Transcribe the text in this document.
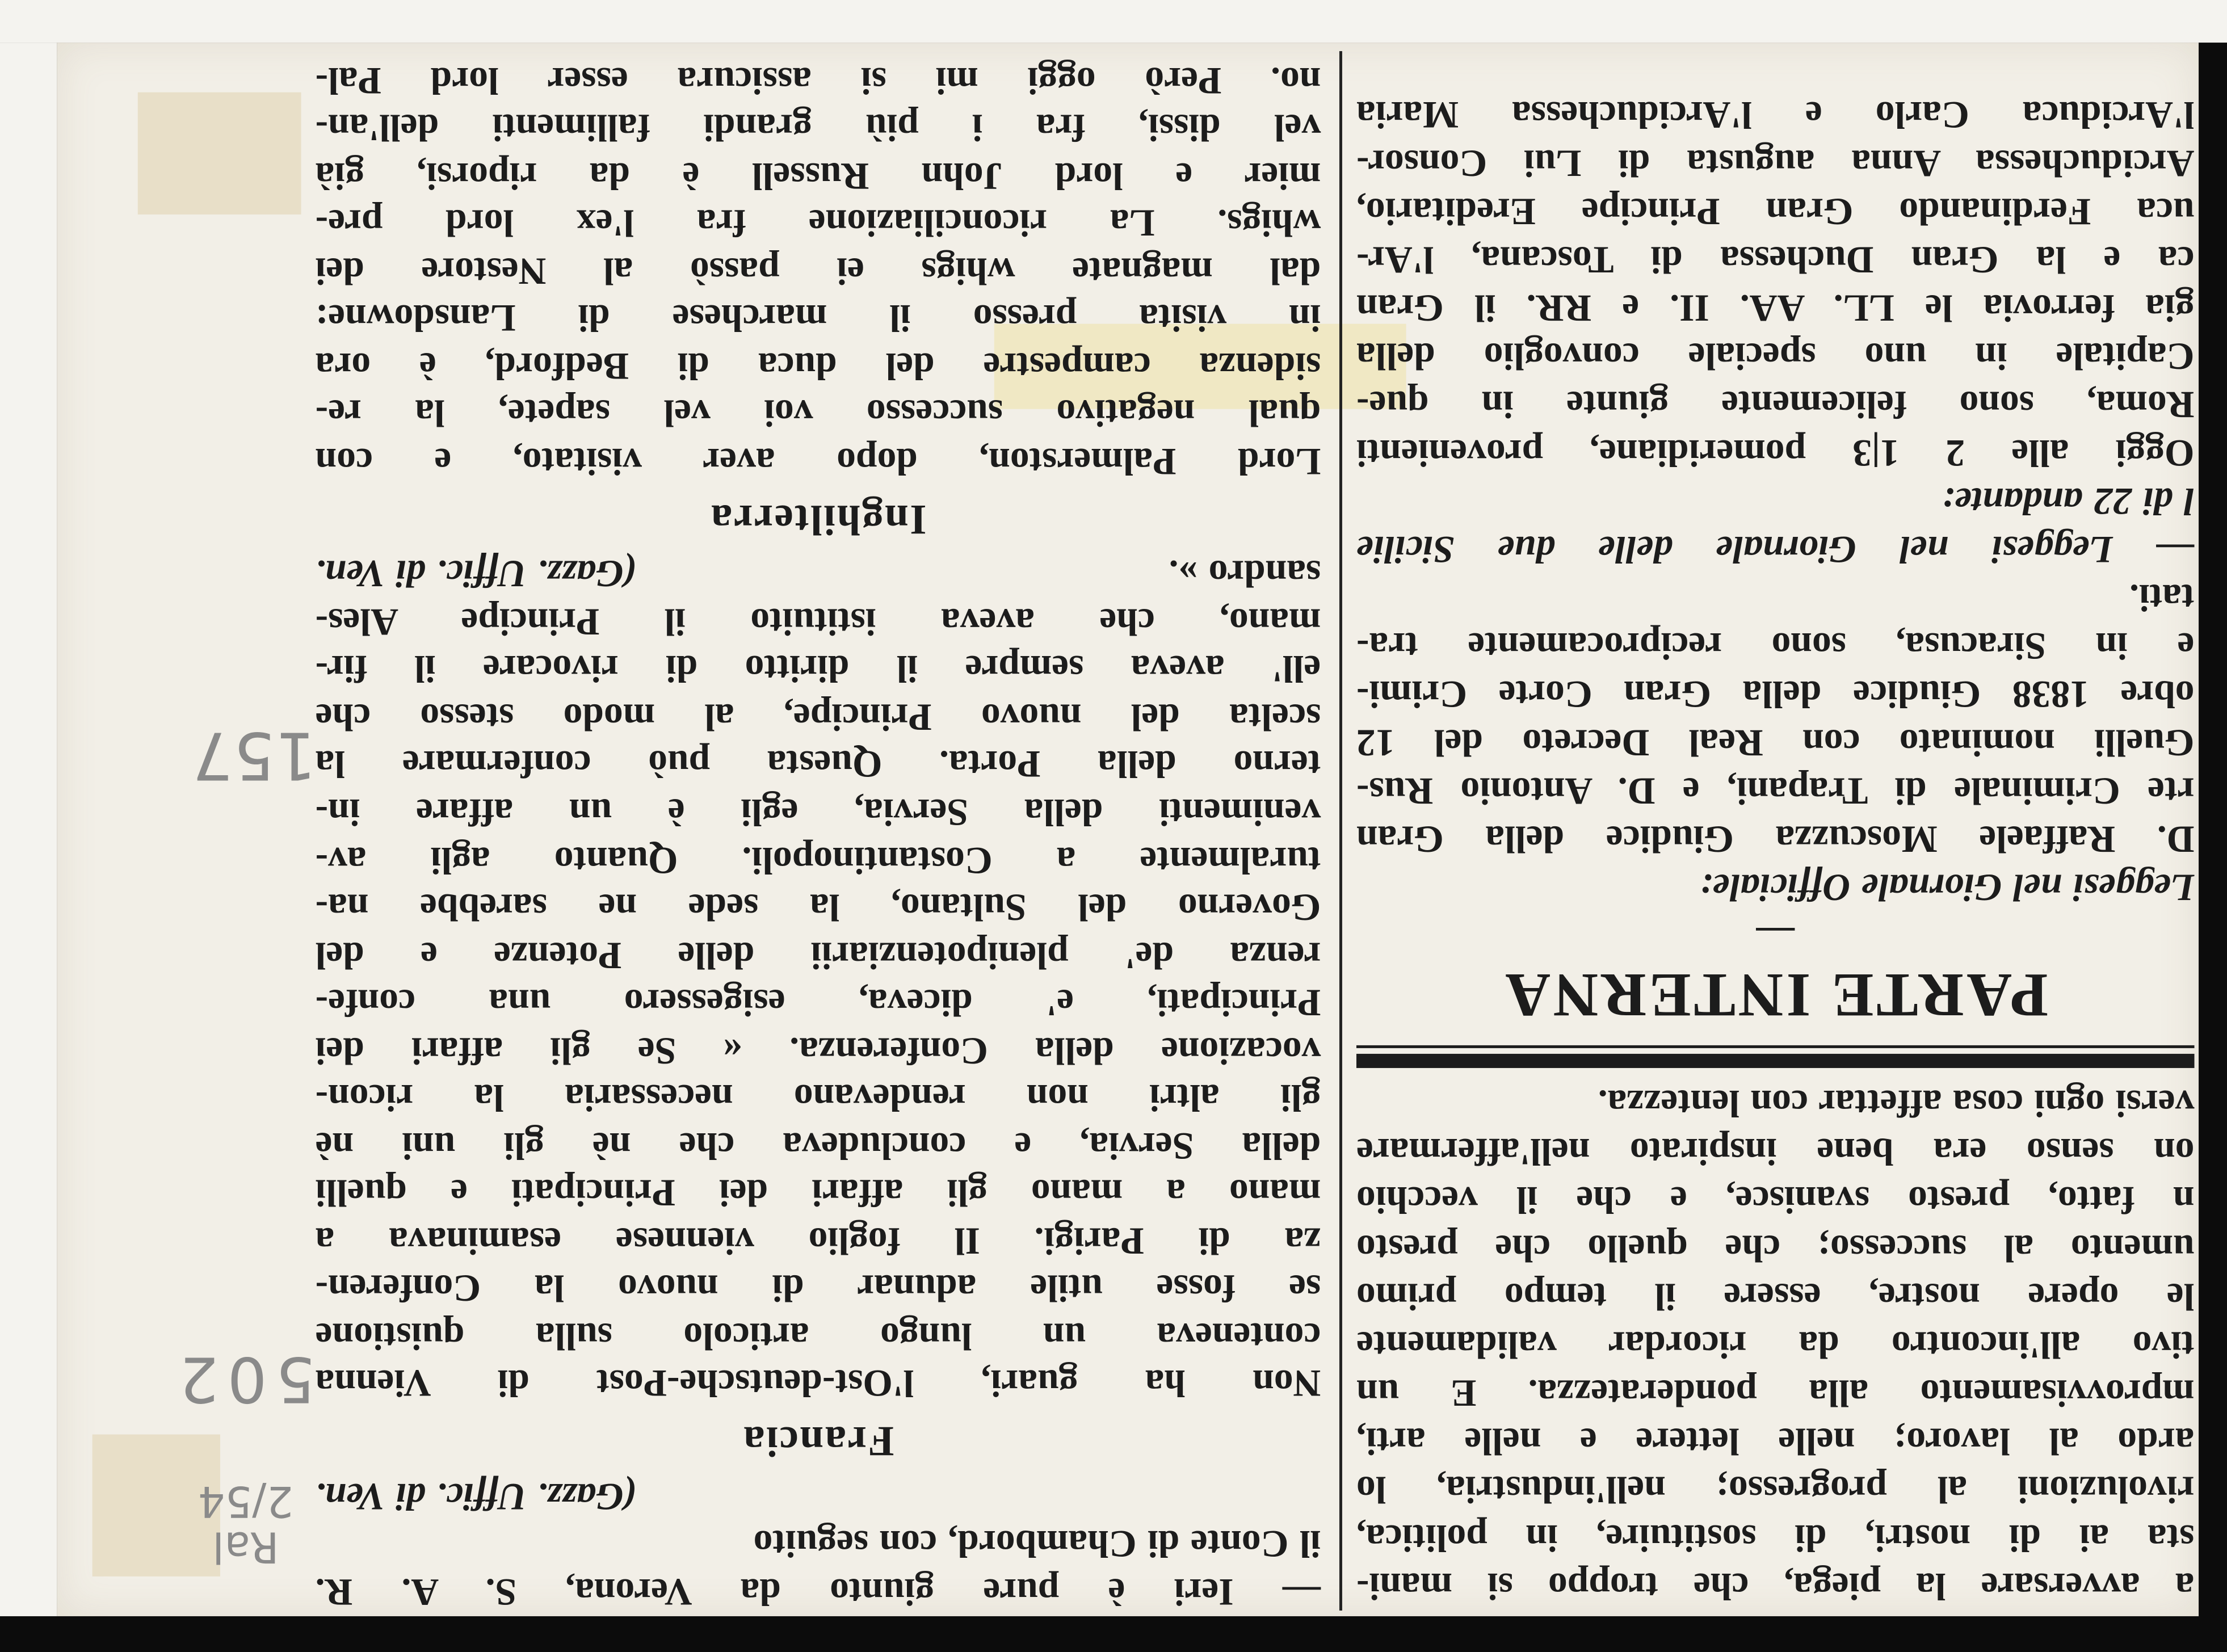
— Ieri è pure giunto da Verona, S. A. R.
il Conte di Chambord, con seguito
(Gazz. Uffic. di Ven.
Francia
Non ha guari, l'Ost-deutsche-Post di Vienna
conteneva un lungo articolo sulla quistione
se fosse utile adunar di nuovo la Conferen-
za di Parigi. Il foglio viennese esaminava a
mano a mano gli affari dei Principati e quelli
della Servia, e concludeva che nè gli uni nè
gli altri non rendevano necessaria la ricon-
vocazione della Conferenza. « Se gli affari dei
Principati, e' diceva, esigessero una confe-
renza de' plenipotenziarii delle Potenze e del
Governo del Sultano, la sede ne sarebbe na-
turalmente a Costantinopoli. Quanto agli av-
venimenti della Servia, egli è un affare in-
terno della Porta. Questa può confermare la
scelta del nuovo Principe, al modo stesso che
ell' aveva sempre il diritto di rivocare il fir-
mano, che aveva istituito il Principe Ales-
sandro ».
(Gazz. Uffic. di Ven.
Inghilterra
Lord Palmerston, dopo aver visitato, e con
qual negativo successo voi vel sapete, la re-
sidenza campestre del duca di Bedford, è ora
in visita presso il marchese di Lansdowne:
dal magnate whigs ei passò al Nestore dei
whigs. La riconciliazione fra l'ex lord pre-
mier e lord John Russell è da riporsi, già
vel dissi, fra i più grandi fallimenti dell'an-
no. Però oggi mi si assicura esser lord Pal-
a avversare la piega, che troppo si mani-
sta ai di nostri, di sostituire, in politica,
rivoluzioni al progresso; nell'industria, lo
ardo al lavoro; nelle lettere e nelle arti,
mprovvisamento alla ponderatezza. E un
tivo all'incontro da ricordar validamente
le opere nostre, essere il tempo primo
umento al successo; che quello che presto
n fatto, presto svanisce, e che il vecchio
on senso era bene inspirato nell'affermare
versi ogni cosa affettar con lentezza.
PARTE INTERNA
—
Leggesi nel Giornale Officiale:
D. Raffaele Moscuzza Giudice della Gran
rte Criminale di Trapani, e D. Antonio Rus-
Guelli nominato con Real Decreto del 12
obre 1838 Giudice della Gran Corte Crimi-
e in Siracusa, sono reciprocamente tra-
tati.
— Leggesi nel Giornale delle due Sicilie
l di 22 andante:
Oggi alle 2 1|3 pomeridiane, provenienti
Roma, sono felicemente giunte in que-
Capitale in uno speciale convoglio della
gia ferrovia le LL. AA. II. e RR. il Gran
ca e la Gran Duchessa di Toscana, l'Ar-
uca Ferdinando Gran Principe Ereditario,
Arciduchessa Anna augusta di Lui Consor-
l'Arciduca Carlo e l'Arciduchessa Maria
157
502
Ral 2/54
